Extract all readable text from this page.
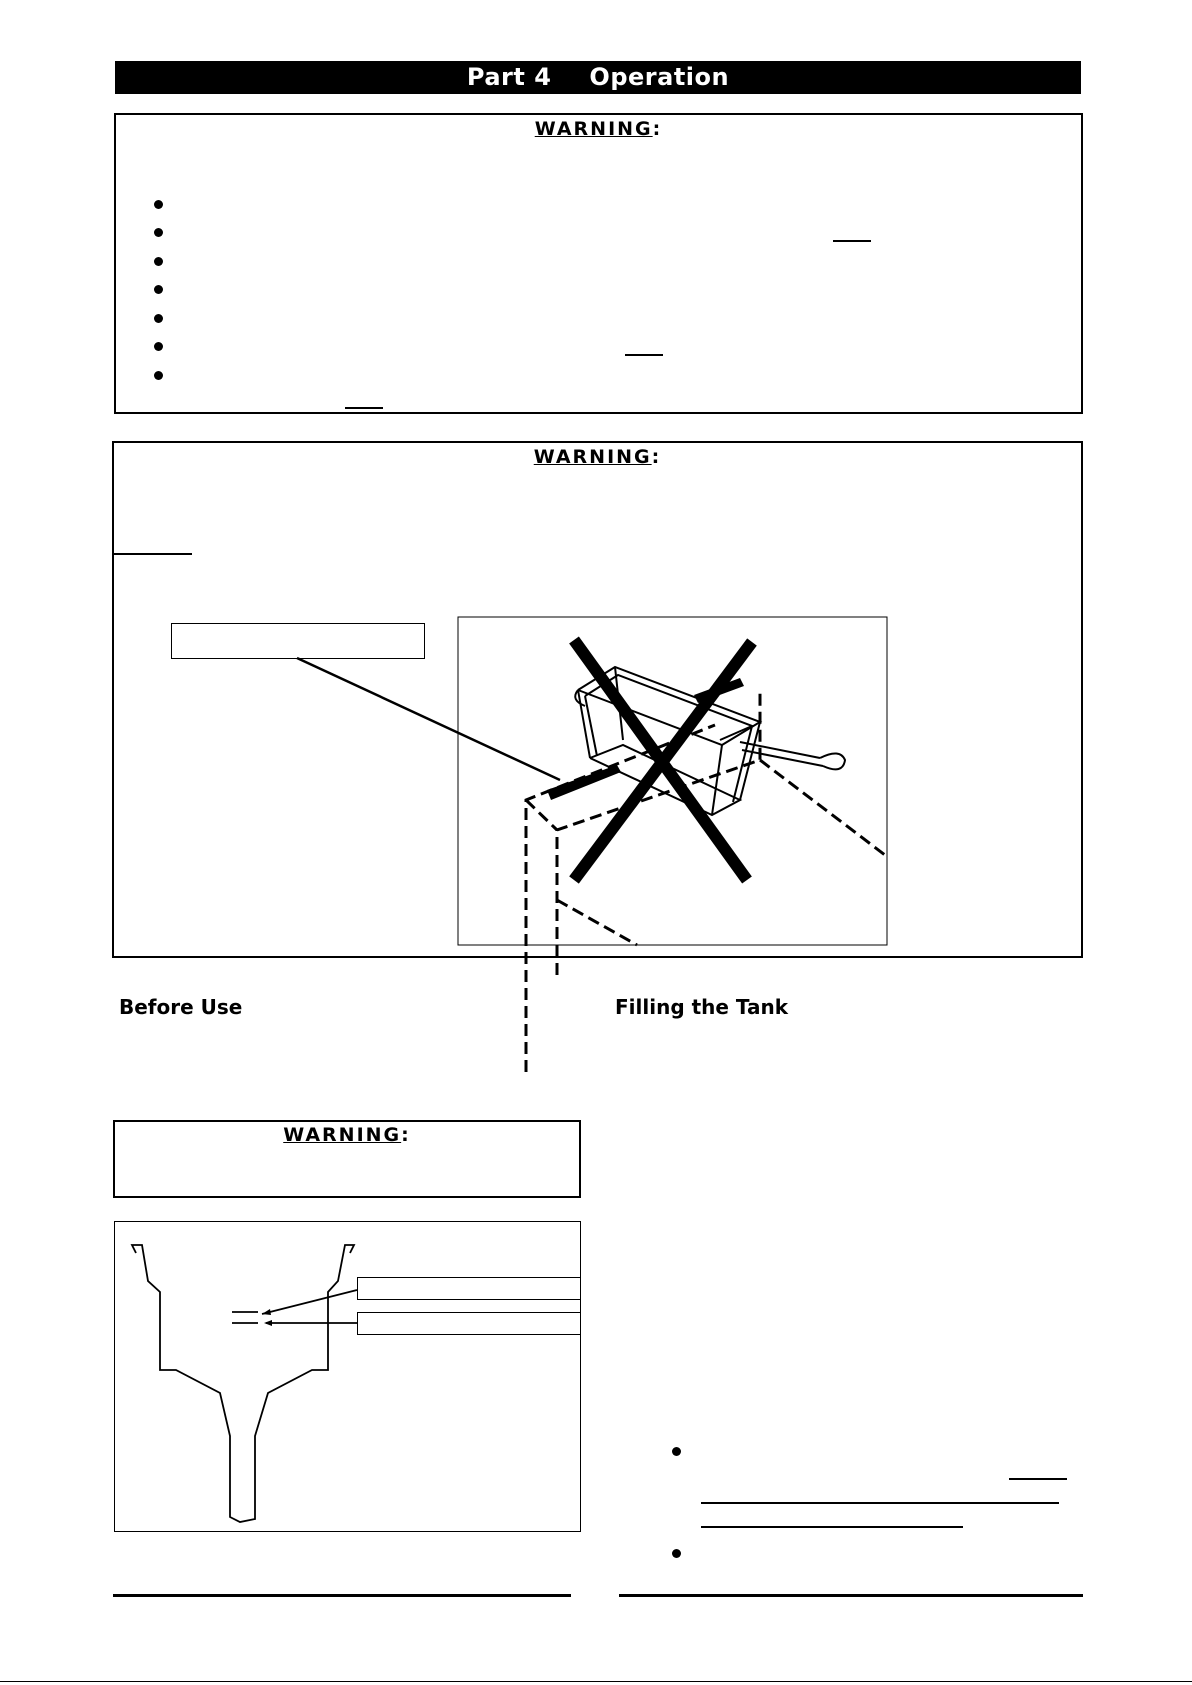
Part 4 Operation
WARNING:
WARNING:
Before Use	Filling the Tank
WARNING:
